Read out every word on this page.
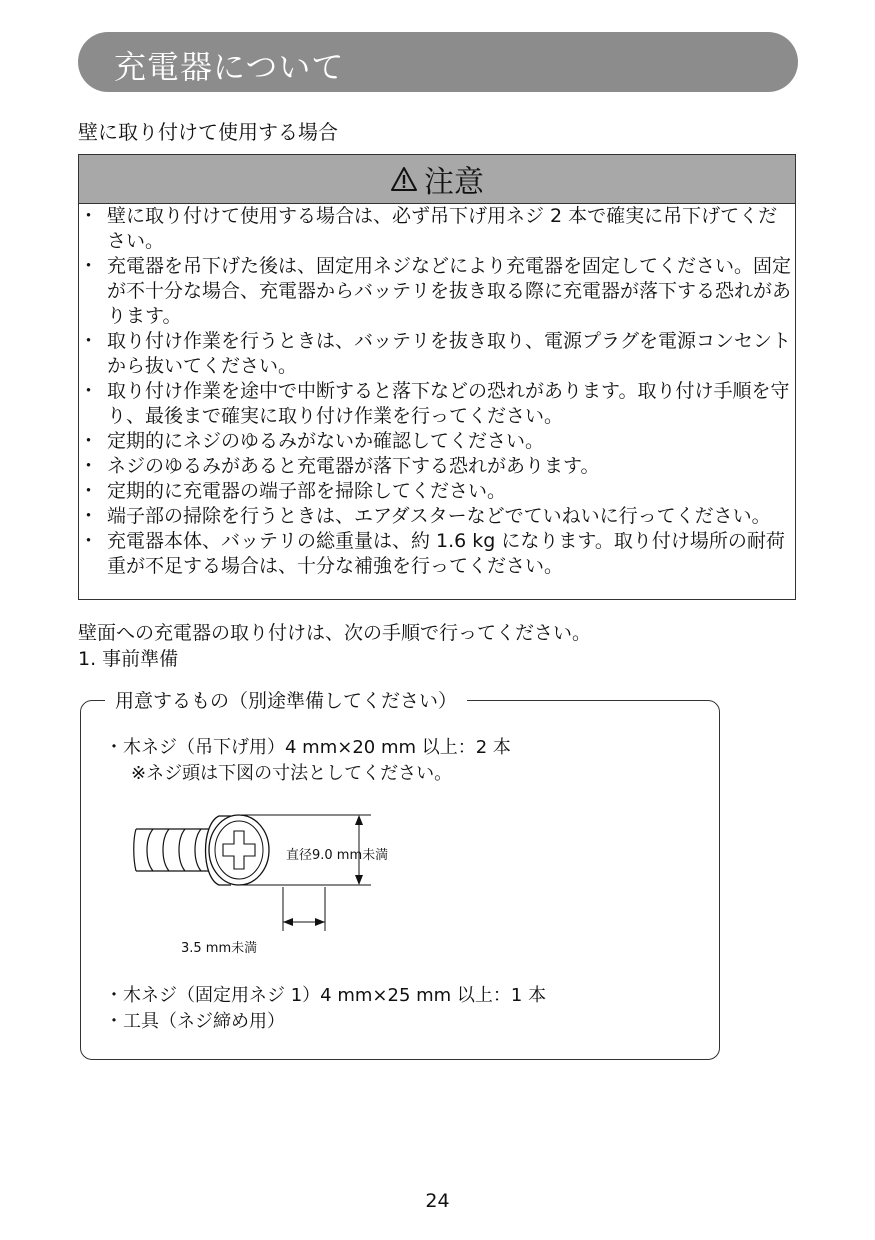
充電器について
壁に取り付けて使用する場合
注意
・ 壁に取り付けて使用する場合は、必ず吊下げ用ネジ 2 本で確実に吊下げてください。
・ 充電器を吊下げた後は、固定用ネジなどにより充電器を固定してください。固定が不十分な場合、充電器からバッテリを抜き取る際に充電器が落下する恐れがあります。
・ 取り付け作業を行うときは、バッテリを抜き取り、電源プラグを電源コンセントから抜いてください。
・ 取り付け作業を途中で中断すると落下などの恐れがあります。取り付け手順を守り、最後まで確実に取り付け作業を行ってください。
・ 定期的にネジのゆるみがないか確認してください。
・ ネジのゆるみがあると充電器が落下する恐れがあります。
・ 定期的に充電器の端子部を掃除してください。
・ 端子部の掃除を行うときは、エアダスターなどでていねいに行ってください。
・ 充電器本体、バッテリの総重量は、約 1.6 kg になります。取り付け場所の耐荷重が不足する場合は、十分な補強を行ってください。
壁面への充電器の取り付けは、次の手順で行ってください。
1. 事前準備
用意するもの（別途準備してください）
・木ネジ（吊下げ用）4 mm×20 mm 以上：2 本
※ネジ頭は下図の寸法としてください。
直径9.0 mm未満
3.5 mm未満
・木ネジ（固定用ネジ 1）4 mm×25 mm 以上：1 本
・工具（ネジ締め用）
24
